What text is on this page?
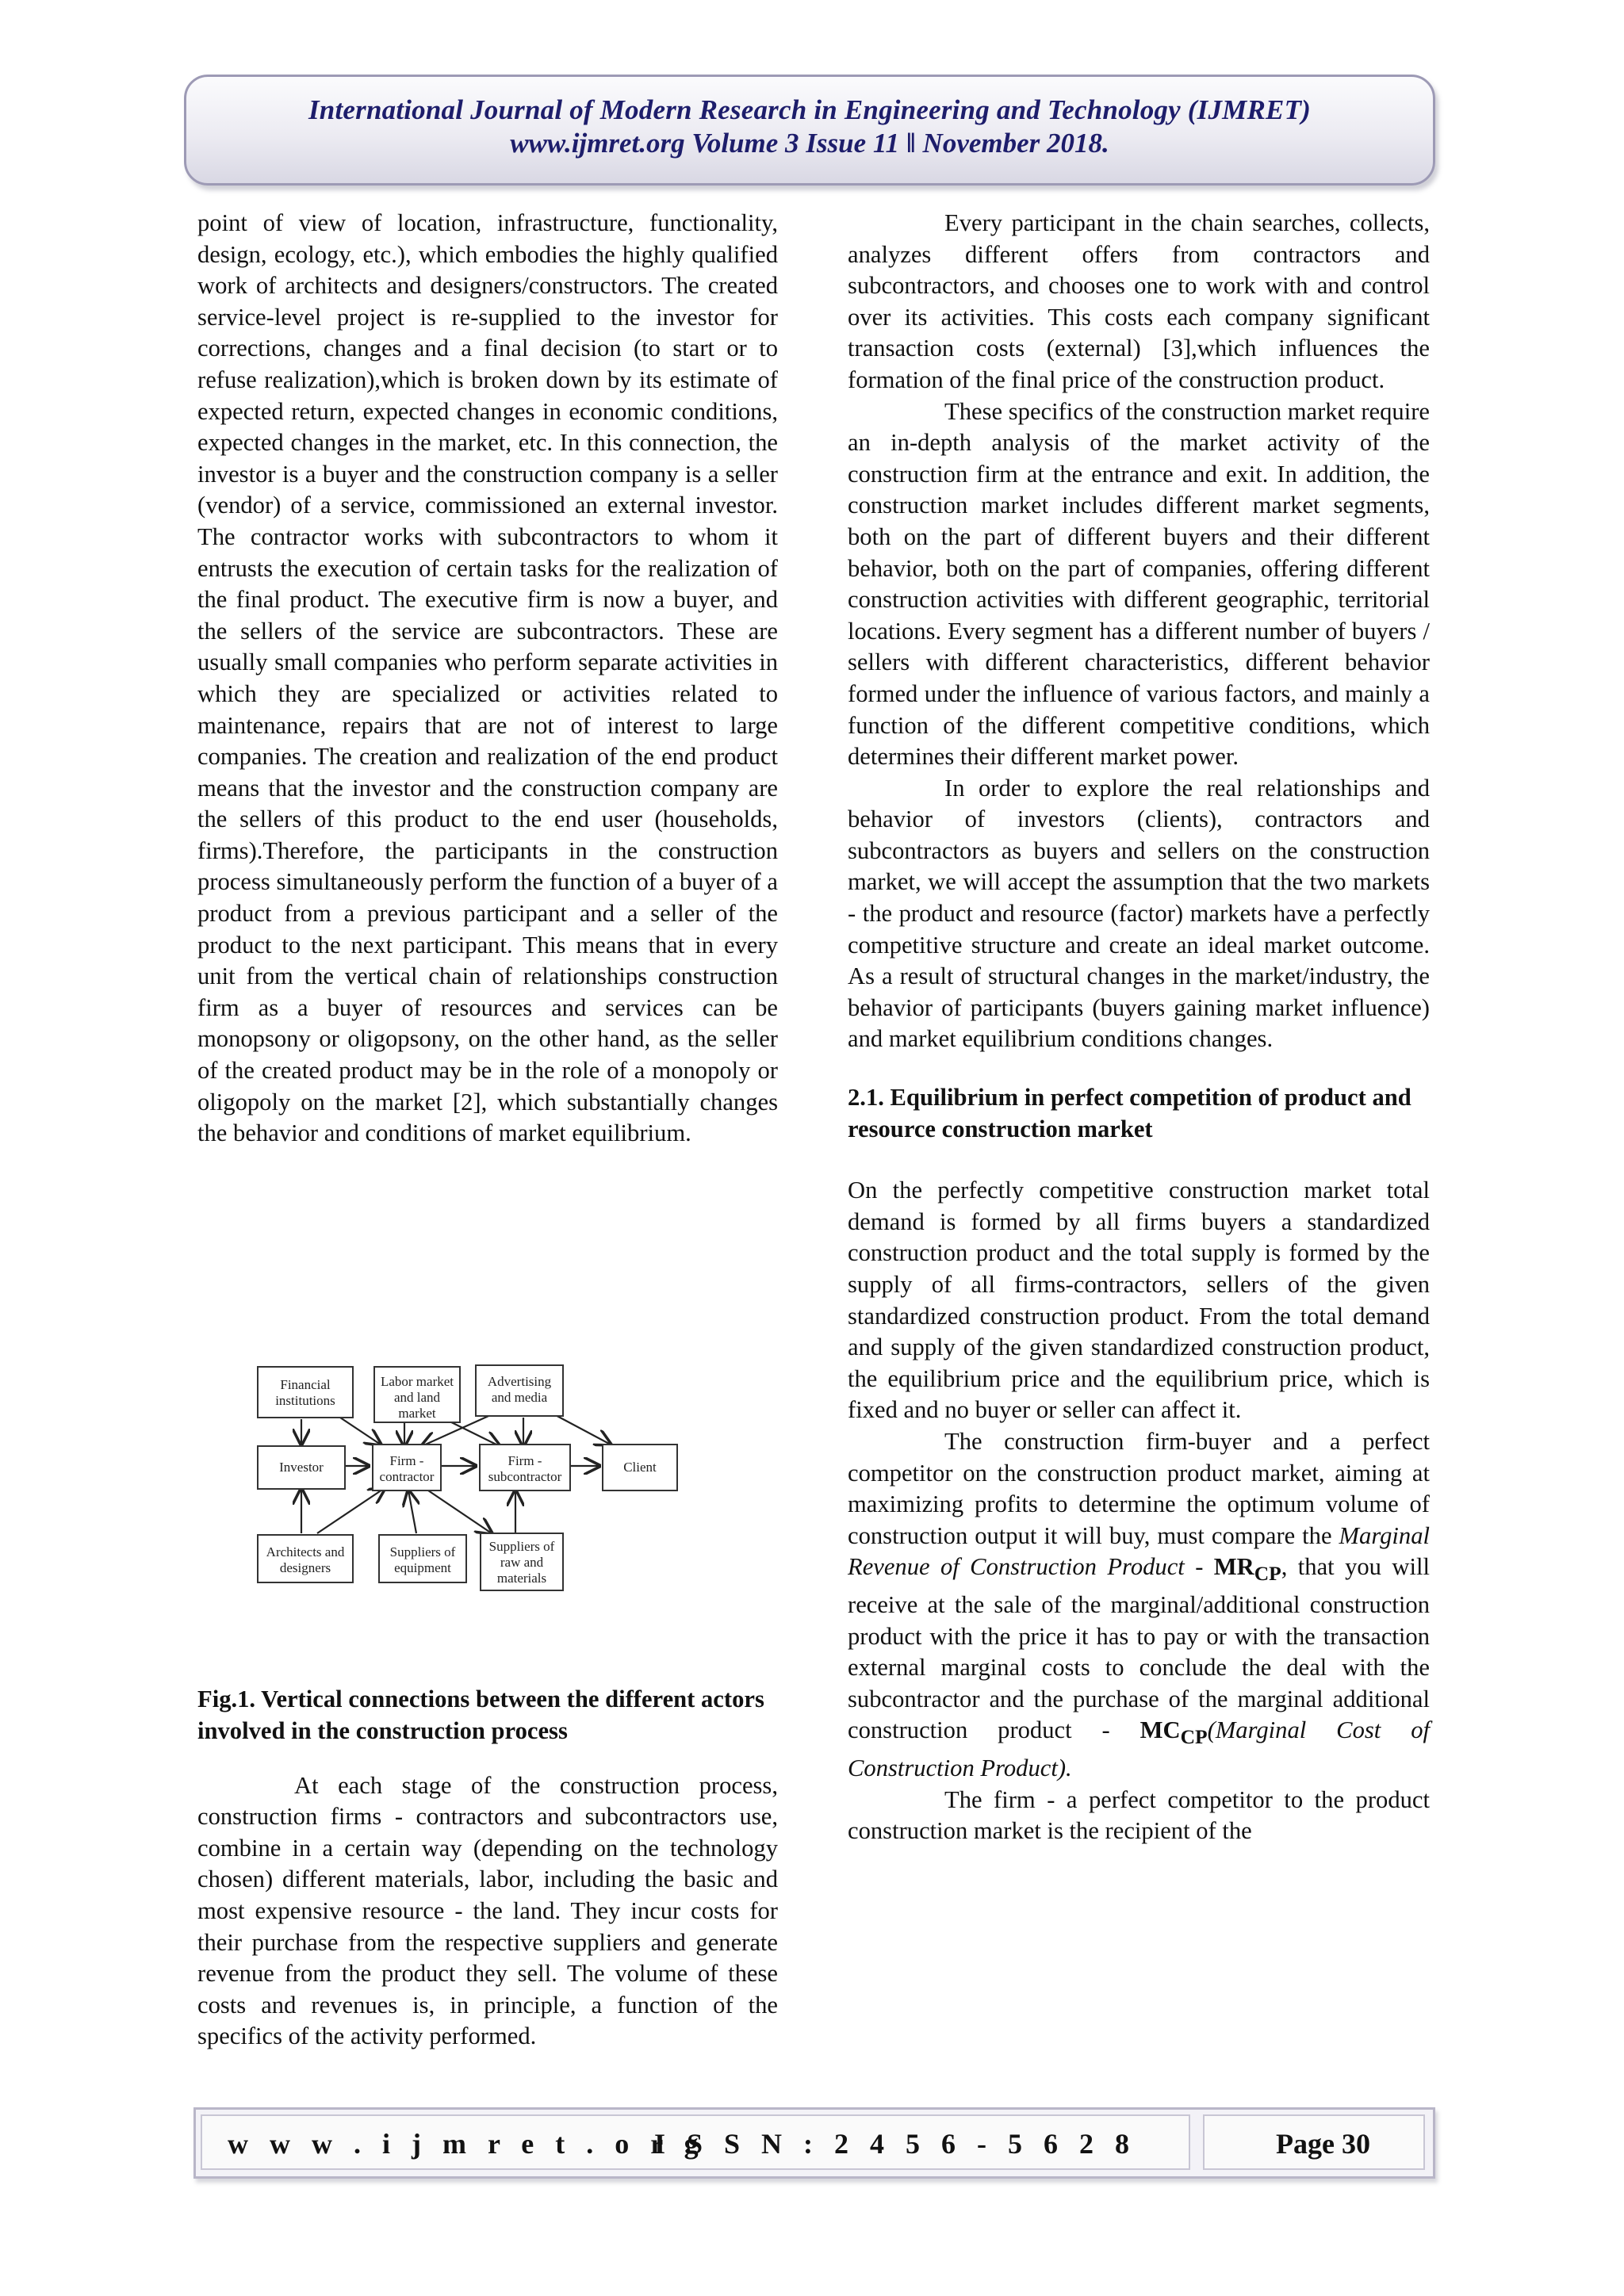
International Journal of Modern Research in Engineering and Technology (IJMRET)
www.ijmret.org Volume 3 Issue 11 ǁ November 2018.

point of view of location, infrastructure, functionality, design, ecology, etc.), which embodies the highly qualified work of architects and designers/constructors. The created service-level project is re-supplied to the investor for corrections, changes and a final decision (to start or to refuse realization),which is broken down by its estimate of expected return, expected changes in economic conditions, expected changes in the market, etc. In this connection, the investor is a buyer and the construction company is a seller (vendor) of a service, commissioned an external investor. The contractor works with subcontractors to whom it entrusts the execution of certain tasks for the realization of the final product. The executive firm is now a buyer, and the sellers of the service are subcontractors. These are usually small companies who perform separate activities in which they are specialized or activities related to maintenance, repairs that are not of interest to large companies. The creation and realization of the end product means that the investor and the construction company are the sellers of this product to the end user (households, firms).Therefore, the participants in the construction process simultaneously perform the function of a buyer of a product from a previous participant and a seller of the product to the next participant. This means that in every unit from the vertical chain of relationships construction firm as a buyer of resources and services can be monopsony or oligopsony, on the other hand, as the seller of the created product may be in the role of a monopoly or oligopoly on the market [2], which substantially changes the behavior and conditions of market equilibrium.

Financial
institutions
Labor market
and land
market
Advertising
and media
Investor	Firm -
contractor
Firm -
subcontractor
Client
Architects and
designers
Suppliers of
equipment
Suppliers of
raw and
materials
Fig.1. Vertical connections between the different actors involved in the construction process

At each stage of the construction process, construction firms - contractors and subcontractors use, combine in a certain way (depending on the technology chosen) different materials, labor, including the basic and most expensive resource - the land. They incur costs for their purchase from the respective suppliers and generate revenue from the product they sell. The volume of these costs and revenues is, in principle, a function of the specifics of the activity performed.

Every participant in the chain searches, collects, analyzes different offers from contractors and subcontractors, and chooses one to work with and control over its activities. This costs each company significant transaction costs (external) [3],which influences the formation of the final price of the construction product.

These specifics of the construction market require an in-depth analysis of the market activity of the construction firm at the entrance and exit. In addition, the construction market includes different market segments, both on the part of different buyers and their different behavior, both on the part of companies, offering different construction activities with different geographic, territorial locations. Every segment has a different number of buyers / sellers with different characteristics, different behavior formed under the influence of various factors, and mainly a function of the different competitive conditions, which determines their different market power.

In order to explore the real relationships and behavior of investors (clients), contractors and subcontractors as buyers and sellers on the construction market, we will accept the assumption that the two markets - the product and resource (factor) markets have a perfectly competitive structure and create an ideal market outcome. As a result of structural changes in the market/industry, the behavior of participants (buyers gaining market influence) and market equilibrium conditions changes.

2.1. Equilibrium in perfect competition of product and resource construction market

On the perfectly competitive construction market total demand is formed by all firms buyers a standardized construction product and the total supply is formed by the supply of all firms-contractors, sellers of the given standardized construction product. From the total demand and supply of the given standardized construction product, the equilibrium price and the equilibrium price, which is fixed and no buyer or seller can affect it.

The construction firm-buyer and a perfect competitor on the construction product market, aiming at maximizing profits to determine the optimum volume of construction output it will buy, must compare the Marginal Revenue of Construction Product - $MR_{CP}$, that you will receive at the sale of the marginal/additional construction product with the price it has to pay or with the transaction external marginal costs to conclude the deal with the subcontractor and the purchase of the marginal additional construction product - $MC_{CP}(Marginal$ Cost of Construction Product).

The firm - a perfect competitor to the product construction market is the recipient of the

w w w . i j m r e t . o r g
I S S N : 2 4 5 6 - 5 6 2 8	Page 30
